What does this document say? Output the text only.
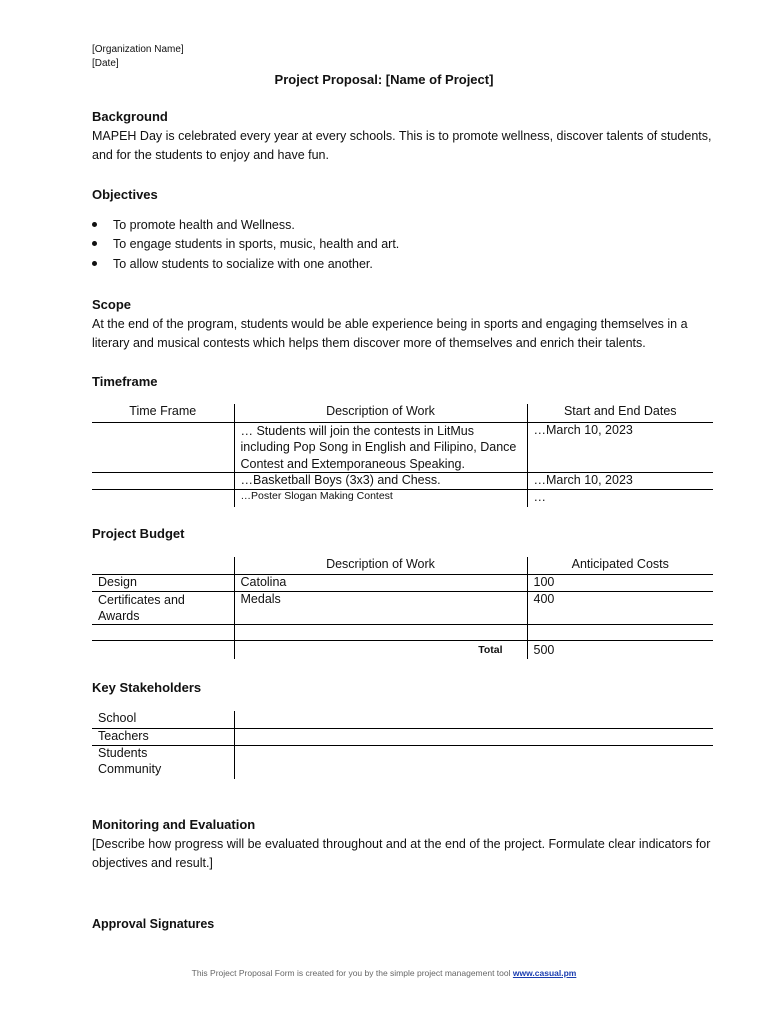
[Organization Name]
[Date]
Project Proposal: [Name of Project]
Background
MAPEH Day is celebrated every year at every schools. This is to promote wellness, discover talents of students, and for the students to enjoy and have fun.
Objectives
To promote health and Wellness.
To engage students in sports, music, health and art.
To allow students to socialize with one another.
Scope
At the end of the program, students would be able experience being in sports and engaging themselves in a literary and musical contests which helps them discover more of themselves and enrich their talents.
Timeframe
Time Frame	Description of Work	Start and End Dates
	… Students will join the contests in LitMus including Pop Song in English and Filipino, Dance Contest and Extemporaneous Speaking.	…March 10, 2023
	…Basketball Boys (3x3) and Chess.	…March 10, 2023
	…Poster Slogan Making Contest	…
Project Budget
	Description of Work	Anticipated Costs
Design	Catolina	100
Certificates and Awards	Medals	400

	Total	500
Key Stakeholders
School	
Teachers	
Students	
Community	
Monitoring and Evaluation
[Describe how progress will be evaluated throughout and at the end of the project. Formulate clear indicators for objectives and result.]
Approval Signatures
This Project Proposal Form is created for you by the simple project management tool www.casual.pm
